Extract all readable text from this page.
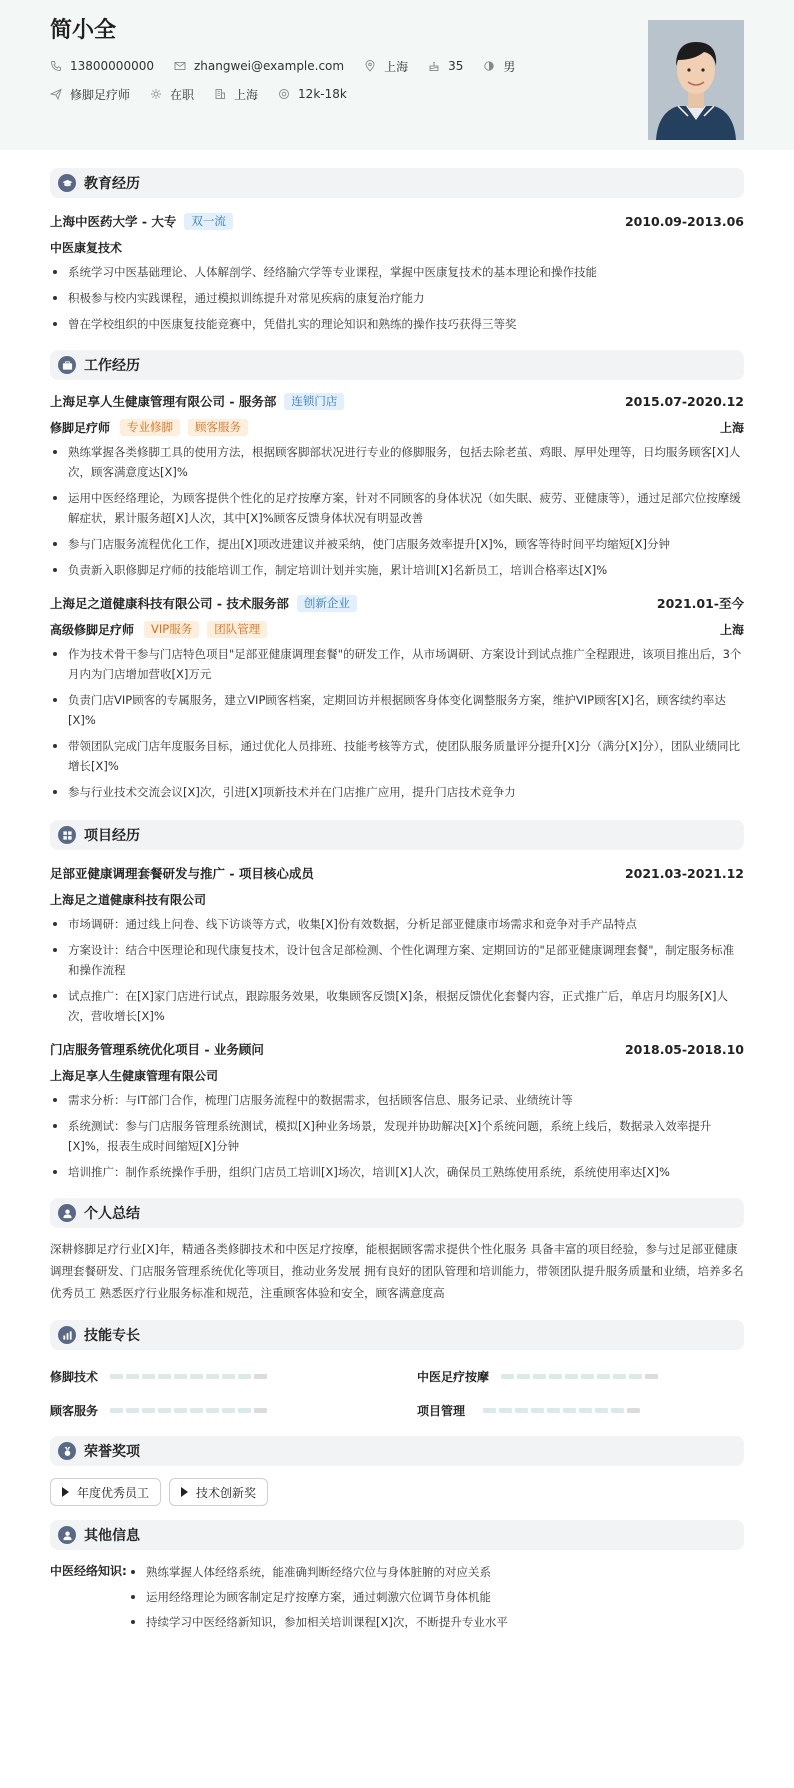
简小全
13800000000	zhangwei@example.com	上海	35	男
修脚足疗师	在职	上海	12k-18k
教育经历
上海中医药大学 - 大专	双一流	2010.09-2013.06
中医康复技术
系统学习中医基础理论、人体解剖学、经络腧穴学等专业课程，掌握中医康复技术的基本理论和操作技能
积极参与校内实践课程，通过模拟训练提升对常见疾病的康复治疗能力
曾在学校组织的中医康复技能竞赛中，凭借扎实的理论知识和熟练的操作技巧获得三等奖
工作经历
上海足享人生健康管理有限公司 - 服务部	连锁门店	2015.07-2020.12
修脚足疗师	专业修脚	顾客服务	上海
熟练掌握各类修脚工具的使用方法，根据顾客脚部状况进行专业的修脚服务，包括去除老茧、鸡眼、厚甲处理等，日均服务顾客[X]人次，顾客满意度达[X]%
运用中医经络理论，为顾客提供个性化的足疗按摩方案，针对不同顾客的身体状况（如失眠、疲劳、亚健康等），通过足部穴位按摩缓解症状，累计服务超[X]人次，其中[X]%顾客反馈身体状况有明显改善
参与门店服务流程优化工作，提出[X]项改进建议并被采纳，使门店服务效率提升[X]%，顾客等待时间平均缩短[X]分钟
负责新入职修脚足疗师的技能培训工作，制定培训计划并实施，累计培训[X]名新员工，培训合格率达[X]%
上海足之道健康科技有限公司 - 技术服务部	创新企业	2021.01-至今
高级修脚足疗师	VIP服务	团队管理	上海
作为技术骨干参与门店特色项目"足部亚健康调理套餐"的研发工作，从市场调研、方案设计到试点推广全程跟进，该项目推出后，3个月内为门店增加营收[X]万元
负责门店VIP顾客的专属服务，建立VIP顾客档案，定期回访并根据顾客身体变化调整服务方案，维护VIP顾客[X]名，顾客续约率达[X]%
带领团队完成门店年度服务目标，通过优化人员排班、技能考核等方式，使团队服务质量评分提升[X]分（满分[X]分），团队业绩同比增长[X]%
参与行业技术交流会议[X]次，引进[X]项新技术并在门店推广应用，提升门店技术竞争力
项目经历
足部亚健康调理套餐研发与推广 - 项目核心成员	2021.03-2021.12
上海足之道健康科技有限公司
市场调研：通过线上问卷、线下访谈等方式，收集[X]份有效数据，分析足部亚健康市场需求和竞争对手产品特点
方案设计：结合中医理论和现代康复技术，设计包含足部检测、个性化调理方案、定期回访的"足部亚健康调理套餐"，制定服务标准和操作流程
试点推广：在[X]家门店进行试点，跟踪服务效果，收集顾客反馈[X]条，根据反馈优化套餐内容，正式推广后，单店月均服务[X]人次，营收增长[X]%
门店服务管理系统优化项目 - 业务顾问	2018.05-2018.10
上海足享人生健康管理有限公司
需求分析：与IT部门合作，梳理门店服务流程中的数据需求，包括顾客信息、服务记录、业绩统计等
系统测试：参与门店服务管理系统测试，模拟[X]种业务场景，发现并协助解决[X]个系统问题，系统上线后，数据录入效率提升[X]%，报表生成时间缩短[X]分钟
培训推广：制作系统操作手册，组织门店员工培训[X]场次，培训[X]人次，确保员工熟练使用系统，系统使用率达[X]%
个人总结
深耕修脚足疗行业[X]年，精通各类修脚技术和中医足疗按摩，能根据顾客需求提供个性化服务 具备丰富的项目经验，参与过足部亚健康调理套餐研发、门店服务管理系统优化等项目，推动业务发展 拥有良好的团队管理和培训能力，带领团队提升服务质量和业绩，培养多名优秀员工 熟悉医疗行业服务标准和规范，注重顾客体验和安全，顾客满意度高
技能专长
修脚技术	中医足疗按摩
顾客服务	项目管理
荣誉奖项
年度优秀员工	技术创新奖
其他信息
中医经络知识:	熟练掌握人体经络系统，能准确判断经络穴位与身体脏腑的对应关系
运用经络理论为顾客制定足疗按摩方案，通过刺激穴位调节身体机能
持续学习中医经络新知识，参加相关培训课程[X]次，不断提升专业水平
